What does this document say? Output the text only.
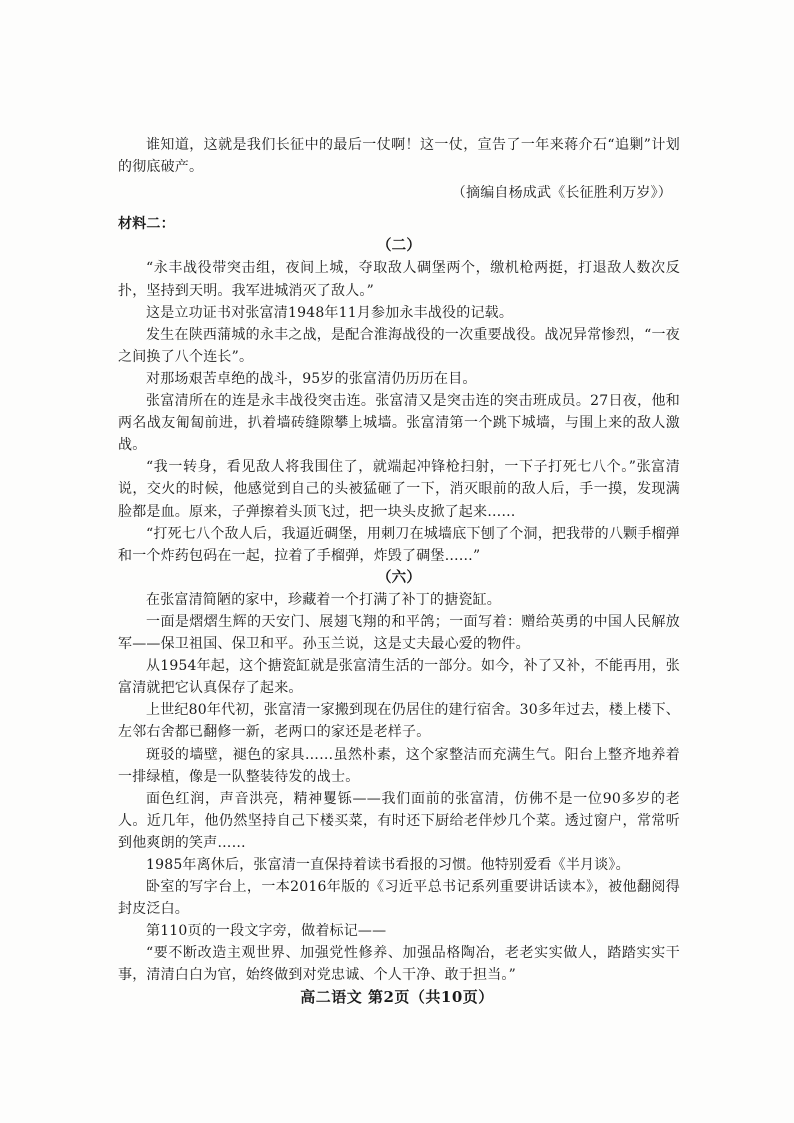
谁知道，这就是我们长征中的最后一仗啊！这一仗，宣告了一年来蒋介石“追剿”计划的彻底破产。

（摘编自杨成武《长征胜利万岁》）

材料二：

（二）

“永丰战役带突击组，夜间上城，夺取敌人碉堡两个，缴机枪两挺，打退敌人数次反扑，坚持到天明。我军进城消灭了敌人。”

这是立功证书对张富清1948年11月参加永丰战役的记载。

发生在陕西蒲城的永丰之战，是配合淮海战役的一次重要战役。战况异常惨烈，“一夜之间换了八个连长”。

对那场艰苦卓绝的战斗，95岁的张富清仍历历在目。

张富清所在的连是永丰战役突击连。张富清又是突击连的突击班成员。27日夜，他和两名战友匍匐前进，扒着墙砖缝隙攀上城墙。张富清第一个跳下城墙，与围上来的敌人激战。

“我一转身，看见敌人将我围住了，就端起冲锋枪扫射，一下子打死七八个。”张富清说，交火的时候，他感觉到自己的头被猛砸了一下，消灭眼前的敌人后，手一摸，发现满脸都是血。原来，子弹擦着头顶飞过，把一块头皮掀了起来……

“打死七八个敌人后，我逼近碉堡，用刺刀在城墙底下刨了个洞，把我带的八颗手榴弹和一个炸药包码在一起，拉着了手榴弹，炸毁了碉堡……”

（六）

在张富清简陋的家中，珍藏着一个打满了补丁的搪瓷缸。

一面是熠熠生辉的天安门、展翅飞翔的和平鸽；一面写着：赠给英勇的中国人民解放军——保卫祖国、保卫和平。孙玉兰说，这是丈夫最心爱的物件。

从1954年起，这个搪瓷缸就是张富清生活的一部分。如今，补了又补，不能再用，张富清就把它认真保存了起来。

上世纪80年代初，张富清一家搬到现在仍居住的建行宿舍。30多年过去，楼上楼下、左邻右舍都已翻修一新，老两口的家还是老样子。

斑驳的墙壁，褪色的家具……虽然朴素，这个家整洁而充满生气。阳台上整齐地养着一排绿植，像是一队整装待发的战士。

面色红润，声音洪亮，精神矍铄——我们面前的张富清，仿佛不是一位90多岁的老人。近几年，他仍然坚持自己下楼买菜，有时还下厨给老伴炒几个菜。透过窗户，常常听到他爽朗的笑声……

1985年离休后，张富清一直保持着读书看报的习惯。他特别爱看《半月谈》。

卧室的写字台上，一本2016年版的《习近平总书记系列重要讲话读本》，被他翻阅得封皮泛白。

第110页的一段文字旁，做着标记——

“要不断改造主观世界、加强党性修养、加强品格陶冶，老老实实做人，踏踏实实干事，清清白白为官，始终做到对党忠诚、个人干净、敢于担当。”

高二语文 第2页（共10页）
